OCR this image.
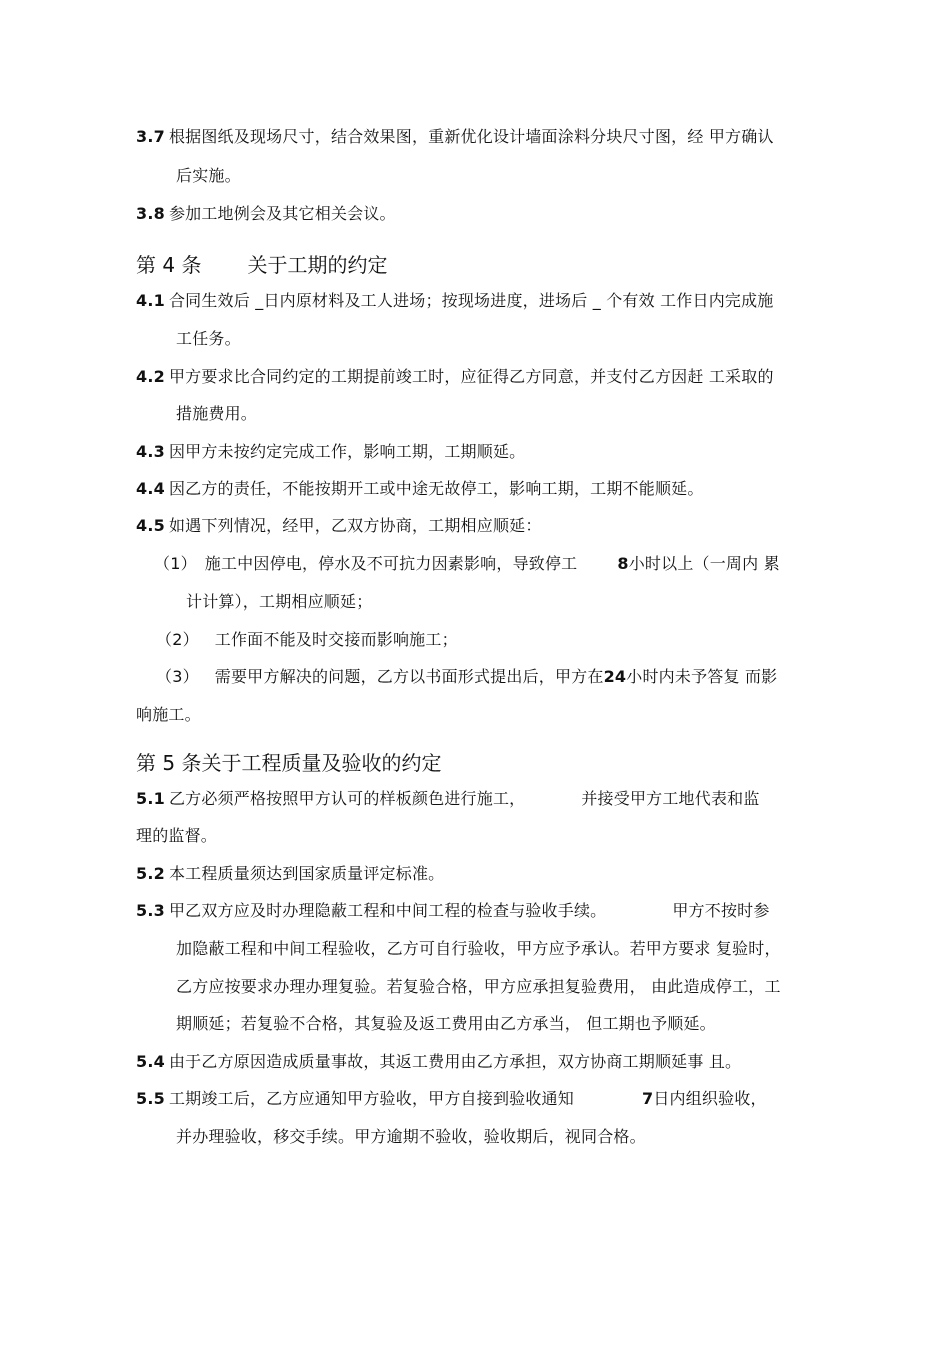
3.7 根据图纸及现场尺寸，结合效果图，重新优化设计墙面涂料分块尺寸图，经 甲方确认
后实施。
3.8 参加工地例会及其它相关会议。
第 4 条 关于工期的约定
4.1 合同生效后 _日内原材料及工人进场；按现场进度，进场后 _ 个有效 工作日内完成施
工任务。
4.2 甲方要求比合同约定的工期提前竣工时，应征得乙方同意，并支付乙方因赶 工采取的
措施费用。
4.3 因甲方未按约定完成工作，影响工期，工期顺延。
4.4 因乙方的责任，不能按期开工或中途无故停工，影响工期，工期不能顺延。
4.5 如遇下列情况，经甲，乙双方协商，工期相应顺延：
（1） 施工中因停电，停水及不可抗力因素影响，导致停工	8小时以上（一周内 累
计计算），工期相应顺延；
（2） 工作面不能及时交接而影响施工；
（3） 需要甲方解决的问题，乙方以书面形式提出后，甲方在24小时内未予答复 而影
响施工。
第 5 条关于工程质量及验收的约定
5.1 乙方必须严格按照甲方认可的样板颜色进行施工，	并接受甲方工地代表和监
理的监督。
5.2 本工程质量须达到国家质量评定标准。
5.3 甲乙双方应及时办理隐蔽工程和中间工程的检查与验收手续。	甲方不按时参
加隐蔽工程和中间工程验收，乙方可自行验收，甲方应予承认。若甲方要求 复验时，
乙方应按要求办理办理复验。若复验合格，甲方应承担复验费用， 由此造成停工，工
期顺延；若复验不合格，其复验及返工费用由乙方承当， 但工期也予顺延。
5.4 由于乙方原因造成质量事故，其返工费用由乙方承担，双方协商工期顺延事 且。
5.5 工期竣工后，乙方应通知甲方验收，甲方自接到验收通知	7日内组织验收，
并办理验收，移交手续。甲方逾期不验收，验收期后，视同合格。
